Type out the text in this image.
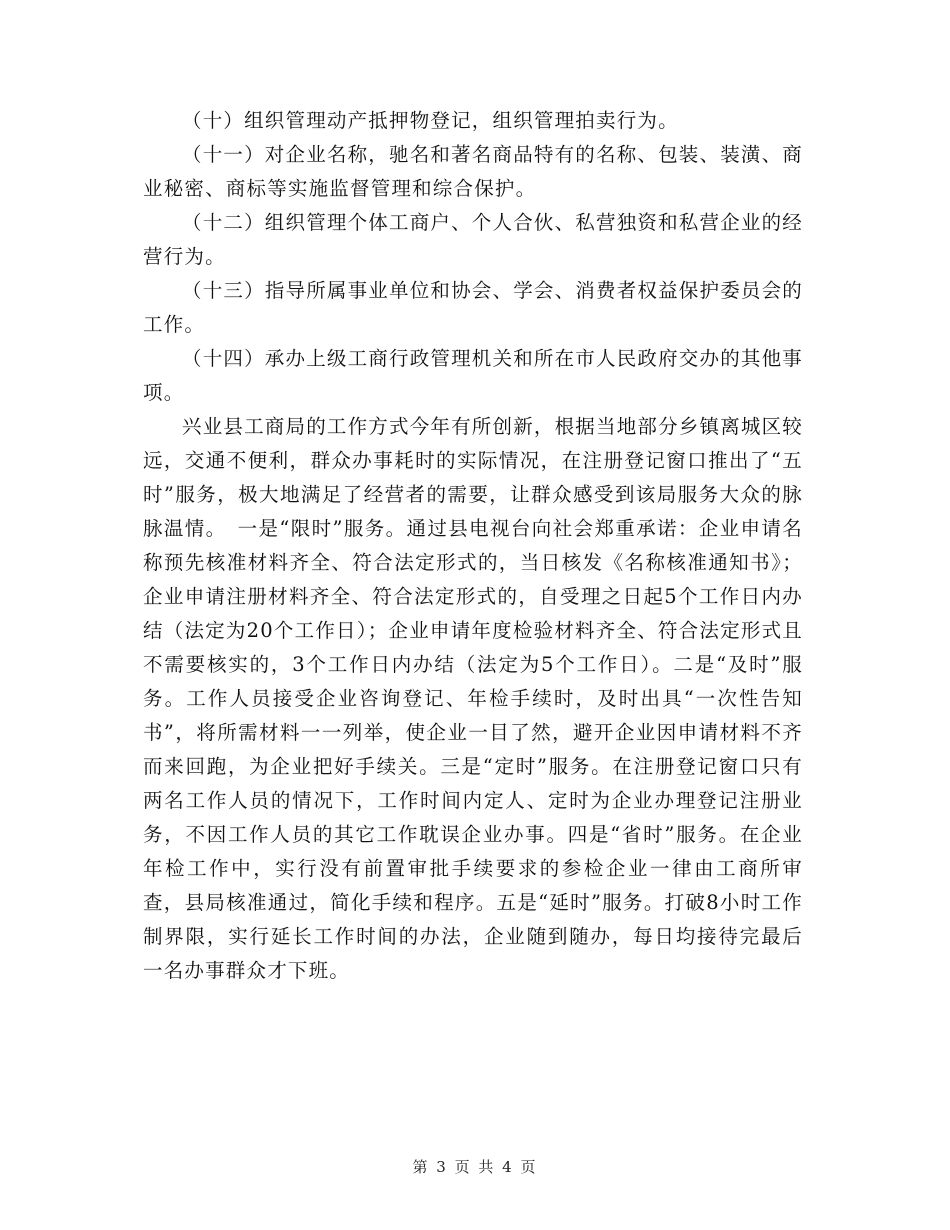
（十）组织管理动产抵押物登记，组织管理拍卖行为。

（十一）对企业名称，驰名和著名商品特有的名称、包装、装潢、商业秘密、商标等实施监督管理和综合保护。

（十二）组织管理个体工商户、个人合伙、私营独资和私营企业的经营行为。

（十三）指导所属事业单位和协会、学会、消费者权益保护委员会的工作。

（十四）承办上级工商行政管理机关和所在市人民政府交办的其他事项。

兴业县工商局的工作方式今年有所创新，根据当地部分乡镇离城区较远，交通不便利，群众办事耗时的实际情况，在注册登记窗口推出了“五时”服务，极大地满足了经营者的需要，让群众感受到该局服务大众的脉脉温情。　一是“限时”服务。通过县电视台向社会郑重承诺：企业申请名称预先核准材料齐全、符合法定形式的，当日核发《名称核准通知书》；企业申请注册材料齐全、符合法定形式的，自受理之日起5个工作日内办结（法定为20个工作日）；企业申请年度检验材料齐全、符合法定形式且不需要核实的，3个工作日内办结（法定为5个工作日）。二是“及时”服务。工作人员接受企业咨询登记、年检手续时，及时出具“一次性告知书”，将所需材料一一列举，使企业一目了然，避开企业因申请材料不齐而来回跑，为企业把好手续关。三是“定时”服务。在注册登记窗口只有两名工作人员的情况下，工作时间内定人、定时为企业办理登记注册业务，不因工作人员的其它工作耽误企业办事。四是“省时”服务。在企业年检工作中，实行没有前置审批手续要求的参检企业一律由工商所审查，县局核准通过，简化手续和程序。五是“延时”服务。打破8小时工作制界限，实行延长工作时间的办法，企业随到随办，每日均接待完最后一名办事群众才下班。

第 3 页 共 4 页
